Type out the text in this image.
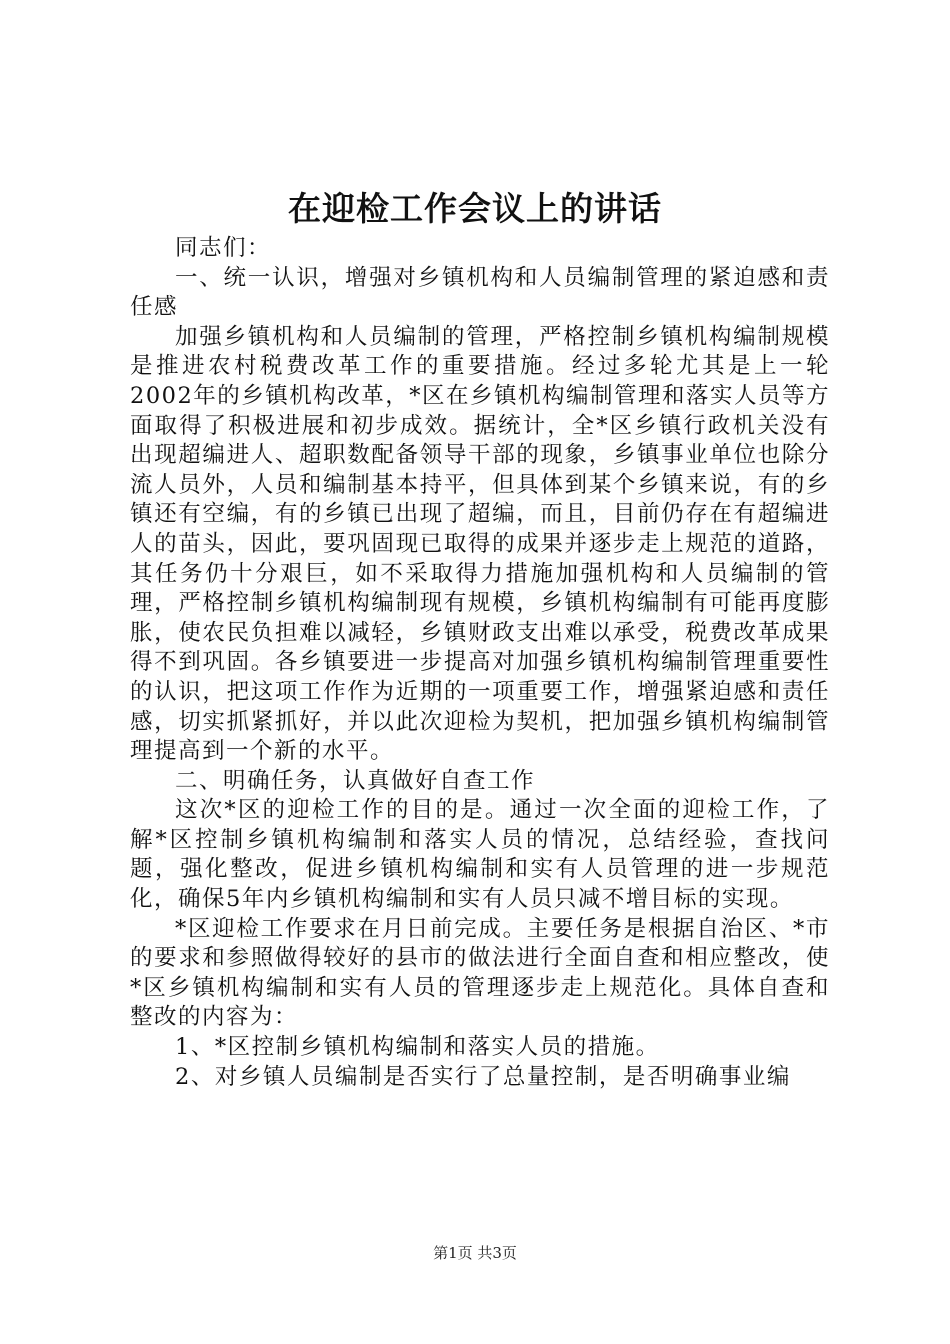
在迎检工作会议上的讲话

同志们：

一、统一认识，增强对乡镇机构和人员编制管理的紧迫感和责任感

加强乡镇机构和人员编制的管理，严格控制乡镇机构编制规模是推进农村税费改革工作的重要措施。经过多轮尤其是上一轮2002年的乡镇机构改革，*区在乡镇机构编制管理和落实人员等方面取得了积极进展和初步成效。据统计，全*区乡镇行政机关没有出现超编进人、超职数配备领导干部的现象，乡镇事业单位也除分流人员外，人员和编制基本持平，但具体到某个乡镇来说，有的乡镇还有空编，有的乡镇已出现了超编，而且，目前仍存在有超编进人的苗头，因此，要巩固现已取得的成果并逐步走上规范的道路，其任务仍十分艰巨，如不采取得力措施加强机构和人员编制的管理，严格控制乡镇机构编制现有规模，乡镇机构编制有可能再度膨胀，使农民负担难以减轻，乡镇财政支出难以承受，税费改革成果得不到巩固。各乡镇要进一步提高对加强乡镇机构编制管理重要性的认识，把这项工作作为近期的一项重要工作，增强紧迫感和责任感，切实抓紧抓好，并以此次迎检为契机，把加强乡镇机构编制管理提高到一个新的水平。

二、明确任务，认真做好自查工作

这次*区的迎检工作的目的是。通过一次全面的迎检工作，了解*区控制乡镇机构编制和落实人员的情况，总结经验，查找问题，强化整改，促进乡镇机构编制和实有人员管理的进一步规范化，确保5年内乡镇机构编制和实有人员只减不增目标的实现。

*区迎检工作要求在月日前完成。主要任务是根据自治区、*市的要求和参照做得较好的县市的做法进行全面自查和相应整改，使*区乡镇机构编制和实有人员的管理逐步走上规范化。具体自查和整改的内容为：

1、*区控制乡镇机构编制和落实人员的措施。

2、对乡镇人员编制是否实行了总量控制，是否明确事业编

第1页 共3页
